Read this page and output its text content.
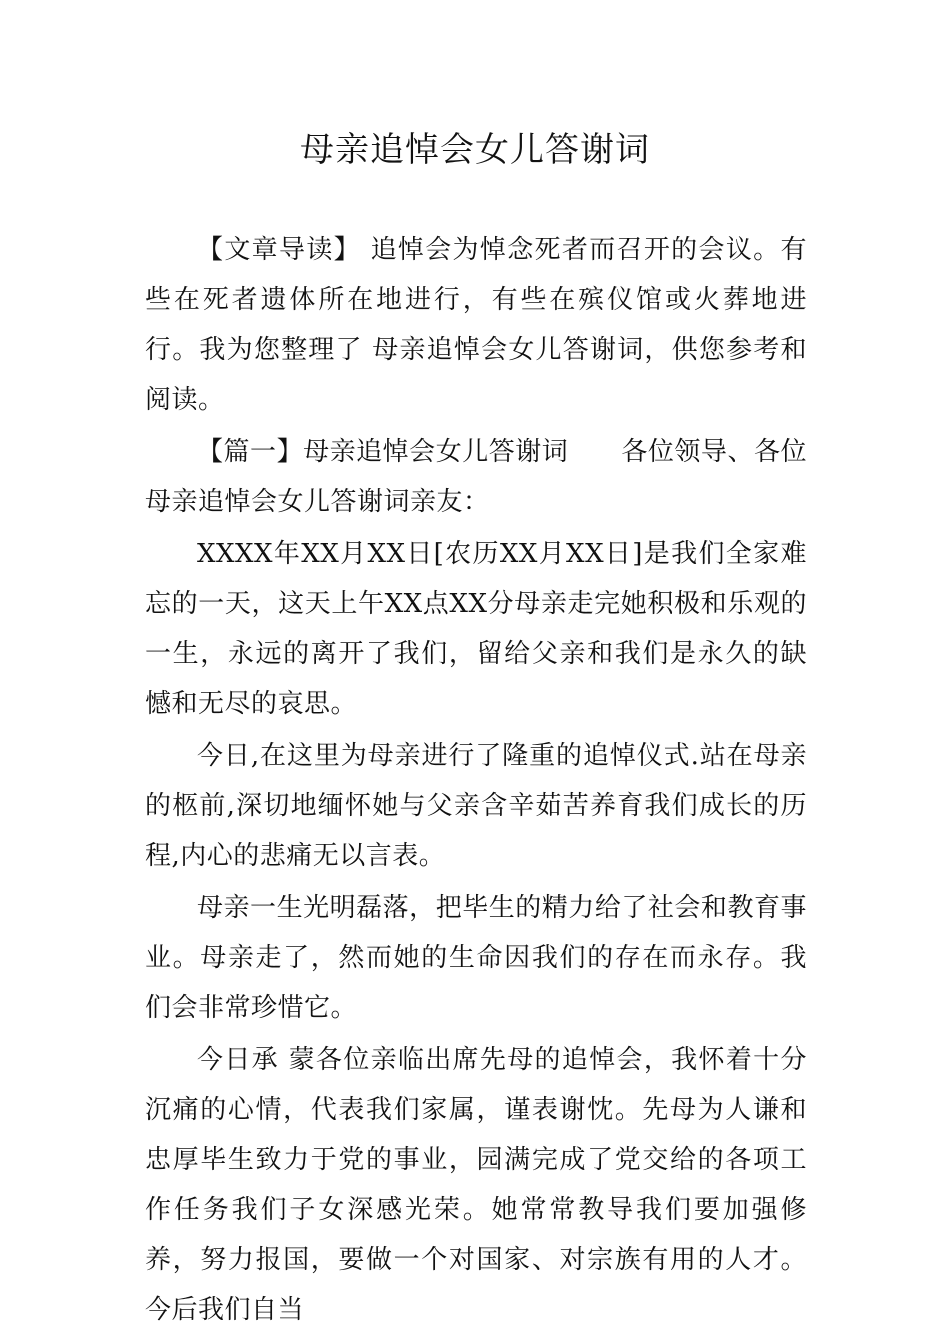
母亲追悼会女儿答谢词

【文章导读】 追悼会为悼念死者而召开的会议。有些在死者遗体所在地进行，有些在殡仪馆或火葬地进行。我为您整理了 母亲追悼会女儿答谢词，供您参考和阅读。

【篇一】母亲追悼会女儿答谢词　　各位领导、各位母亲追悼会女儿答谢词亲友：

XXXX年XX月XX日[农历XX月XX日]是我们全家难忘的一天，这天上午XX点XX分母亲走完她积极和乐观的一生，永远的离开了我们，留给父亲和我们是永久的缺憾和无尽的哀思。

今日,在这里为母亲进行了隆重的追悼仪式.站在母亲的柩前,深切地缅怀她与父亲含辛茹苦养育我们成长的历程,内心的悲痛无以言表。

母亲一生光明磊落，把毕生的精力给了社会和教育事业。母亲走了，然而她的生命因我们的存在而永存。我们会非常珍惜它。

今日承 蒙各位亲临出席先母的追悼会，我怀着十分沉痛的心情，代表我们家属，谨表谢忱。先母为人谦和忠厚毕生致力于党的事业，园满完成了党交给的各项工作任务我们子女深感光荣。她常常教导我们要加强修养，努力报国，要做一个对国家、对宗族有用的人才。今后我们自当
